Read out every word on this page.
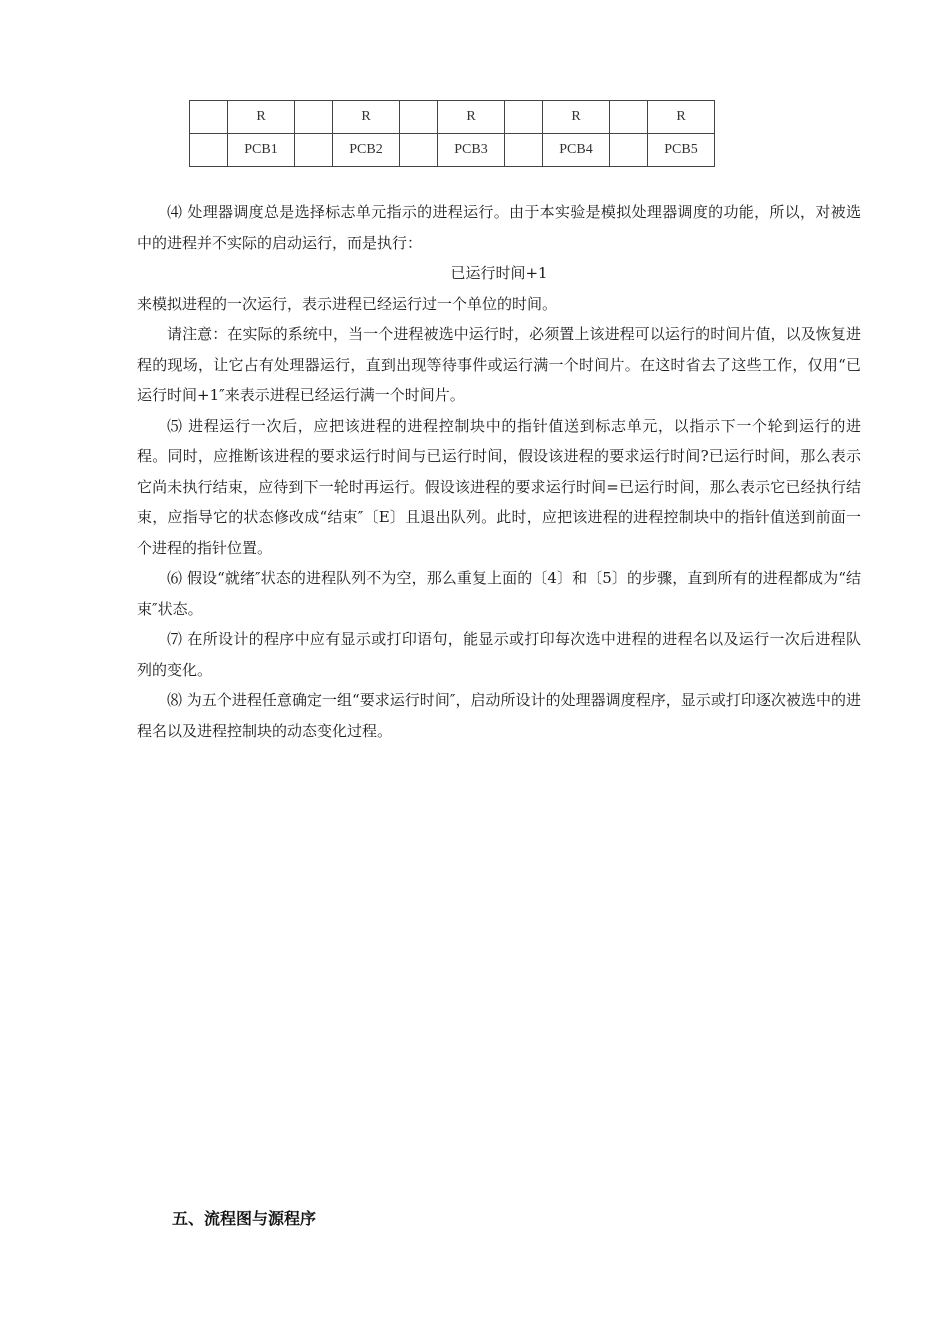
	R		R		R		R		R
	PCB1		PCB2		PCB3		PCB4		PCB5

⑷ 处理器调度总是选择标志单元指示的进程运行。由于本实验是模拟处理器调度的功能，所以，对被选中的进程并不实际的启动运行，而是执行：

已运行时间+1

来模拟进程的一次运行，表示进程已经运行过一个单位的时间。

请注意：在实际的系统中，当一个进程被选中运行时，必须置上该进程可以运行的时间片值，以及恢复进程的现场，让它占有处理器运行，直到出现等待事件或运行满一个时间片。在这时省去了这些工作，仅用“已运行时间+1″来表示进程已经运行满一个时间片。

⑸ 进程运行一次后，应把该进程的进程控制块中的指针值送到标志单元，以指示下一个轮到运行的进程。同时，应推断该进程的要求运行时间与已运行时间，假设该进程的要求运行时间?已运行时间，那么表示它尚未执行结束，应待到下一轮时再运行。假设该进程的要求运行时间=已运行时间，那么表示它已经执行结束，应指导它的状态修改成“结束″〔E〕且退出队列。此时，应把该进程的进程控制块中的指针值送到前面一个进程的指针位置。

⑹ 假设“就绪″状态的进程队列不为空，那么重复上面的〔4〕和〔5〕的步骤，直到所有的进程都成为“结束″状态。

⑺ 在所设计的程序中应有显示或打印语句，能显示或打印每次选中进程的进程名以及运行一次后进程队列的变化。

⑻ 为五个进程任意确定一组“要求运行时间″，启动所设计的处理器调度程序，显示或打印逐次被选中的进程名以及进程控制块的动态变化过程。

五、流程图与源程序
